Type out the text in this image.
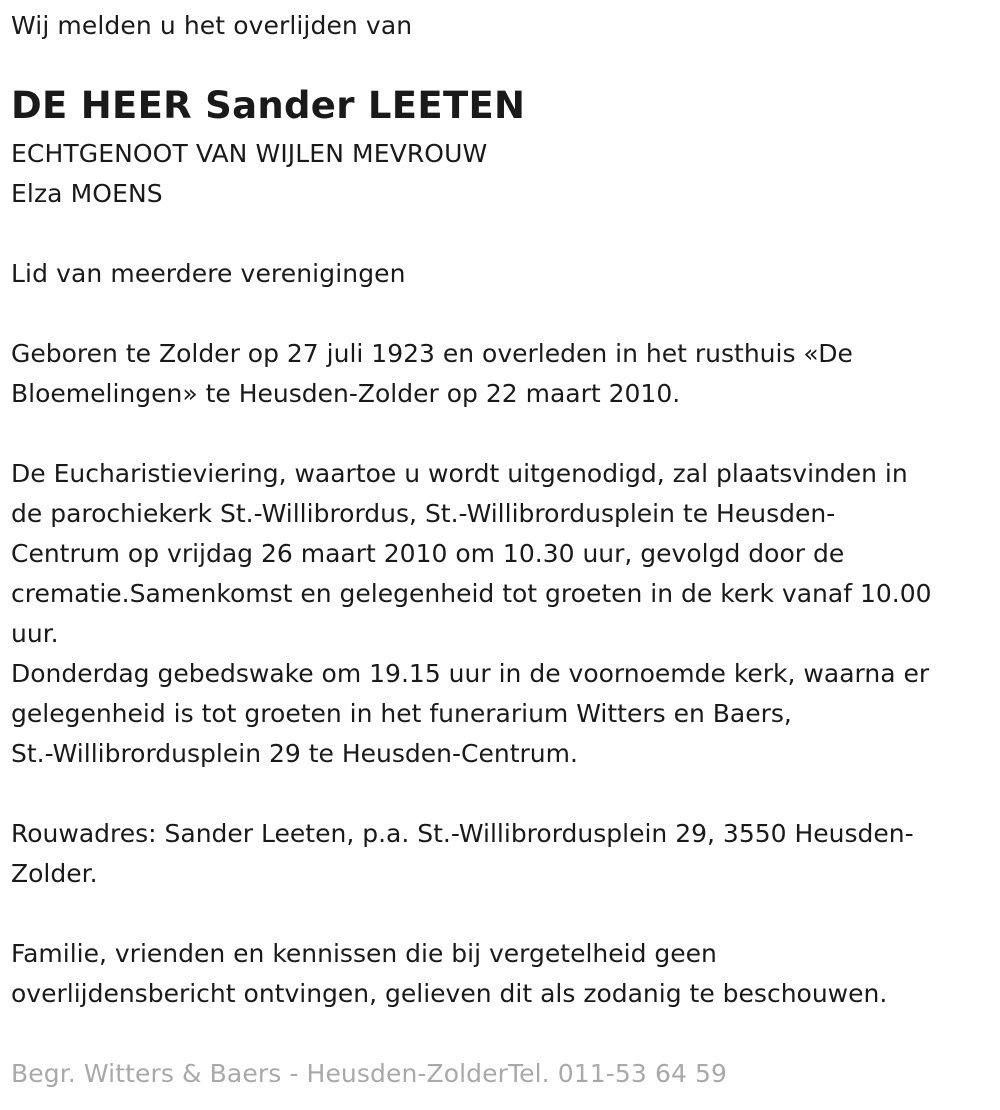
Wij melden u het overlijden van

DE HEER Sander LEETEN

ECHTGENOOT VAN WIJLEN MEVROUW

Elza MOENS

Lid van meerdere verenigingen

Geboren te Zolder op 27 juli 1923 en overleden in het rusthuis «De

Bloemelingen» te Heusden-Zolder op 22 maart 2010.

De Eucharistieviering, waartoe u wordt uitgenodigd, zal plaatsvinden in

de parochiekerk St.-Willibrordus, St.-Willibrordusplein te Heusden-

Centrum op vrijdag 26 maart 2010 om 10.30 uur, gevolgd door de

crematie.Samenkomst en gelegenheid tot groeten in de kerk vanaf 10.00

uur.

Donderdag gebedswake om 19.15 uur in de voornoemde kerk, waarna er

gelegenheid is tot groeten in het funerarium Witters en Baers,

St.-Willibrordusplein 29 te Heusden-Centrum.

Rouwadres: Sander Leeten, p.a. St.-Willibrordusplein 29, 3550 Heusden-

Zolder.

Familie, vrienden en kennissen die bij vergetelheid geen

overlijdensbericht ontvingen, gelieven dit als zodanig te beschouwen.

Begr. Witters & Baers - Heusden-ZolderTel. 011-53 64 59
